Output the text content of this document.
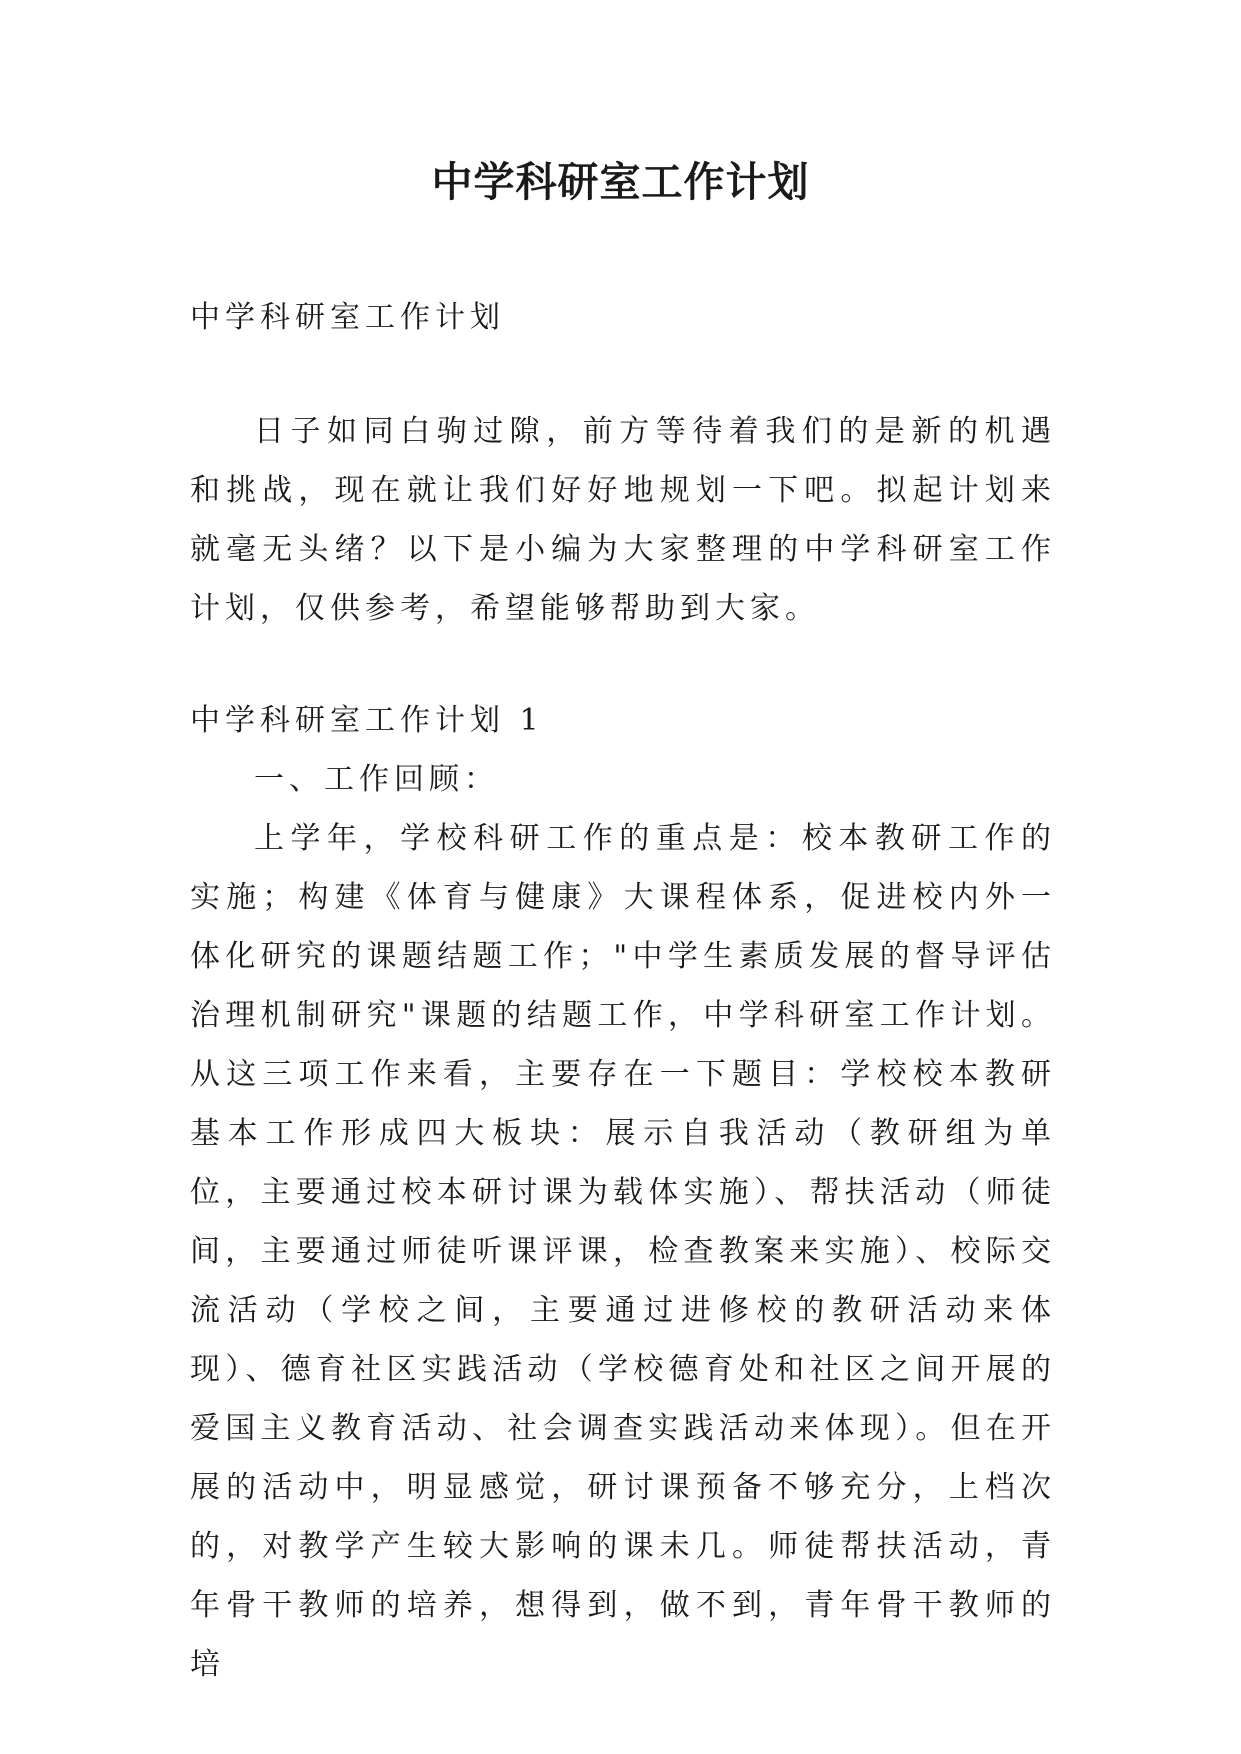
中学科研室工作计划

中学科研室工作计划

日子如同白驹过隙，前方等待着我们的是新的机遇和挑战，现在就让我们好好地规划一下吧。拟起计划来就毫无头绪？以下是小编为大家整理的中学科研室工作计划，仅供参考，希望能够帮助到大家。

中学科研室工作计划 1

一、工作回顾：

上学年，学校科研工作的重点是：校本教研工作的实施；构建《体育与健康》大课程体系，促进校内外一体化研究的课题结题工作；"中学生素质发展的督导评估治理机制研究"课题的结题工作，中学科研室工作计划。从这三项工作来看，主要存在一下题目：学校校本教研基本工作形成四大板块：展示自我活动（教研组为单位，主要通过校本研讨课为载体实施）、帮扶活动（师徒间，主要通过师徒听课评课，检查教案来实施）、校际交流活动（学校之间，主要通过进修校的教研活动来体现）、德育社区实践活动（学校德育处和社区之间开展的爱国主义教育活动、社会调查实践活动来体现）。但在开展的活动中，明显感觉，研讨课预备不够充分，上档次的，对教学产生较大影响的课未几。师徒帮扶活动，青年骨干教师的培养，想得到，做不到，青年骨干教师的培
